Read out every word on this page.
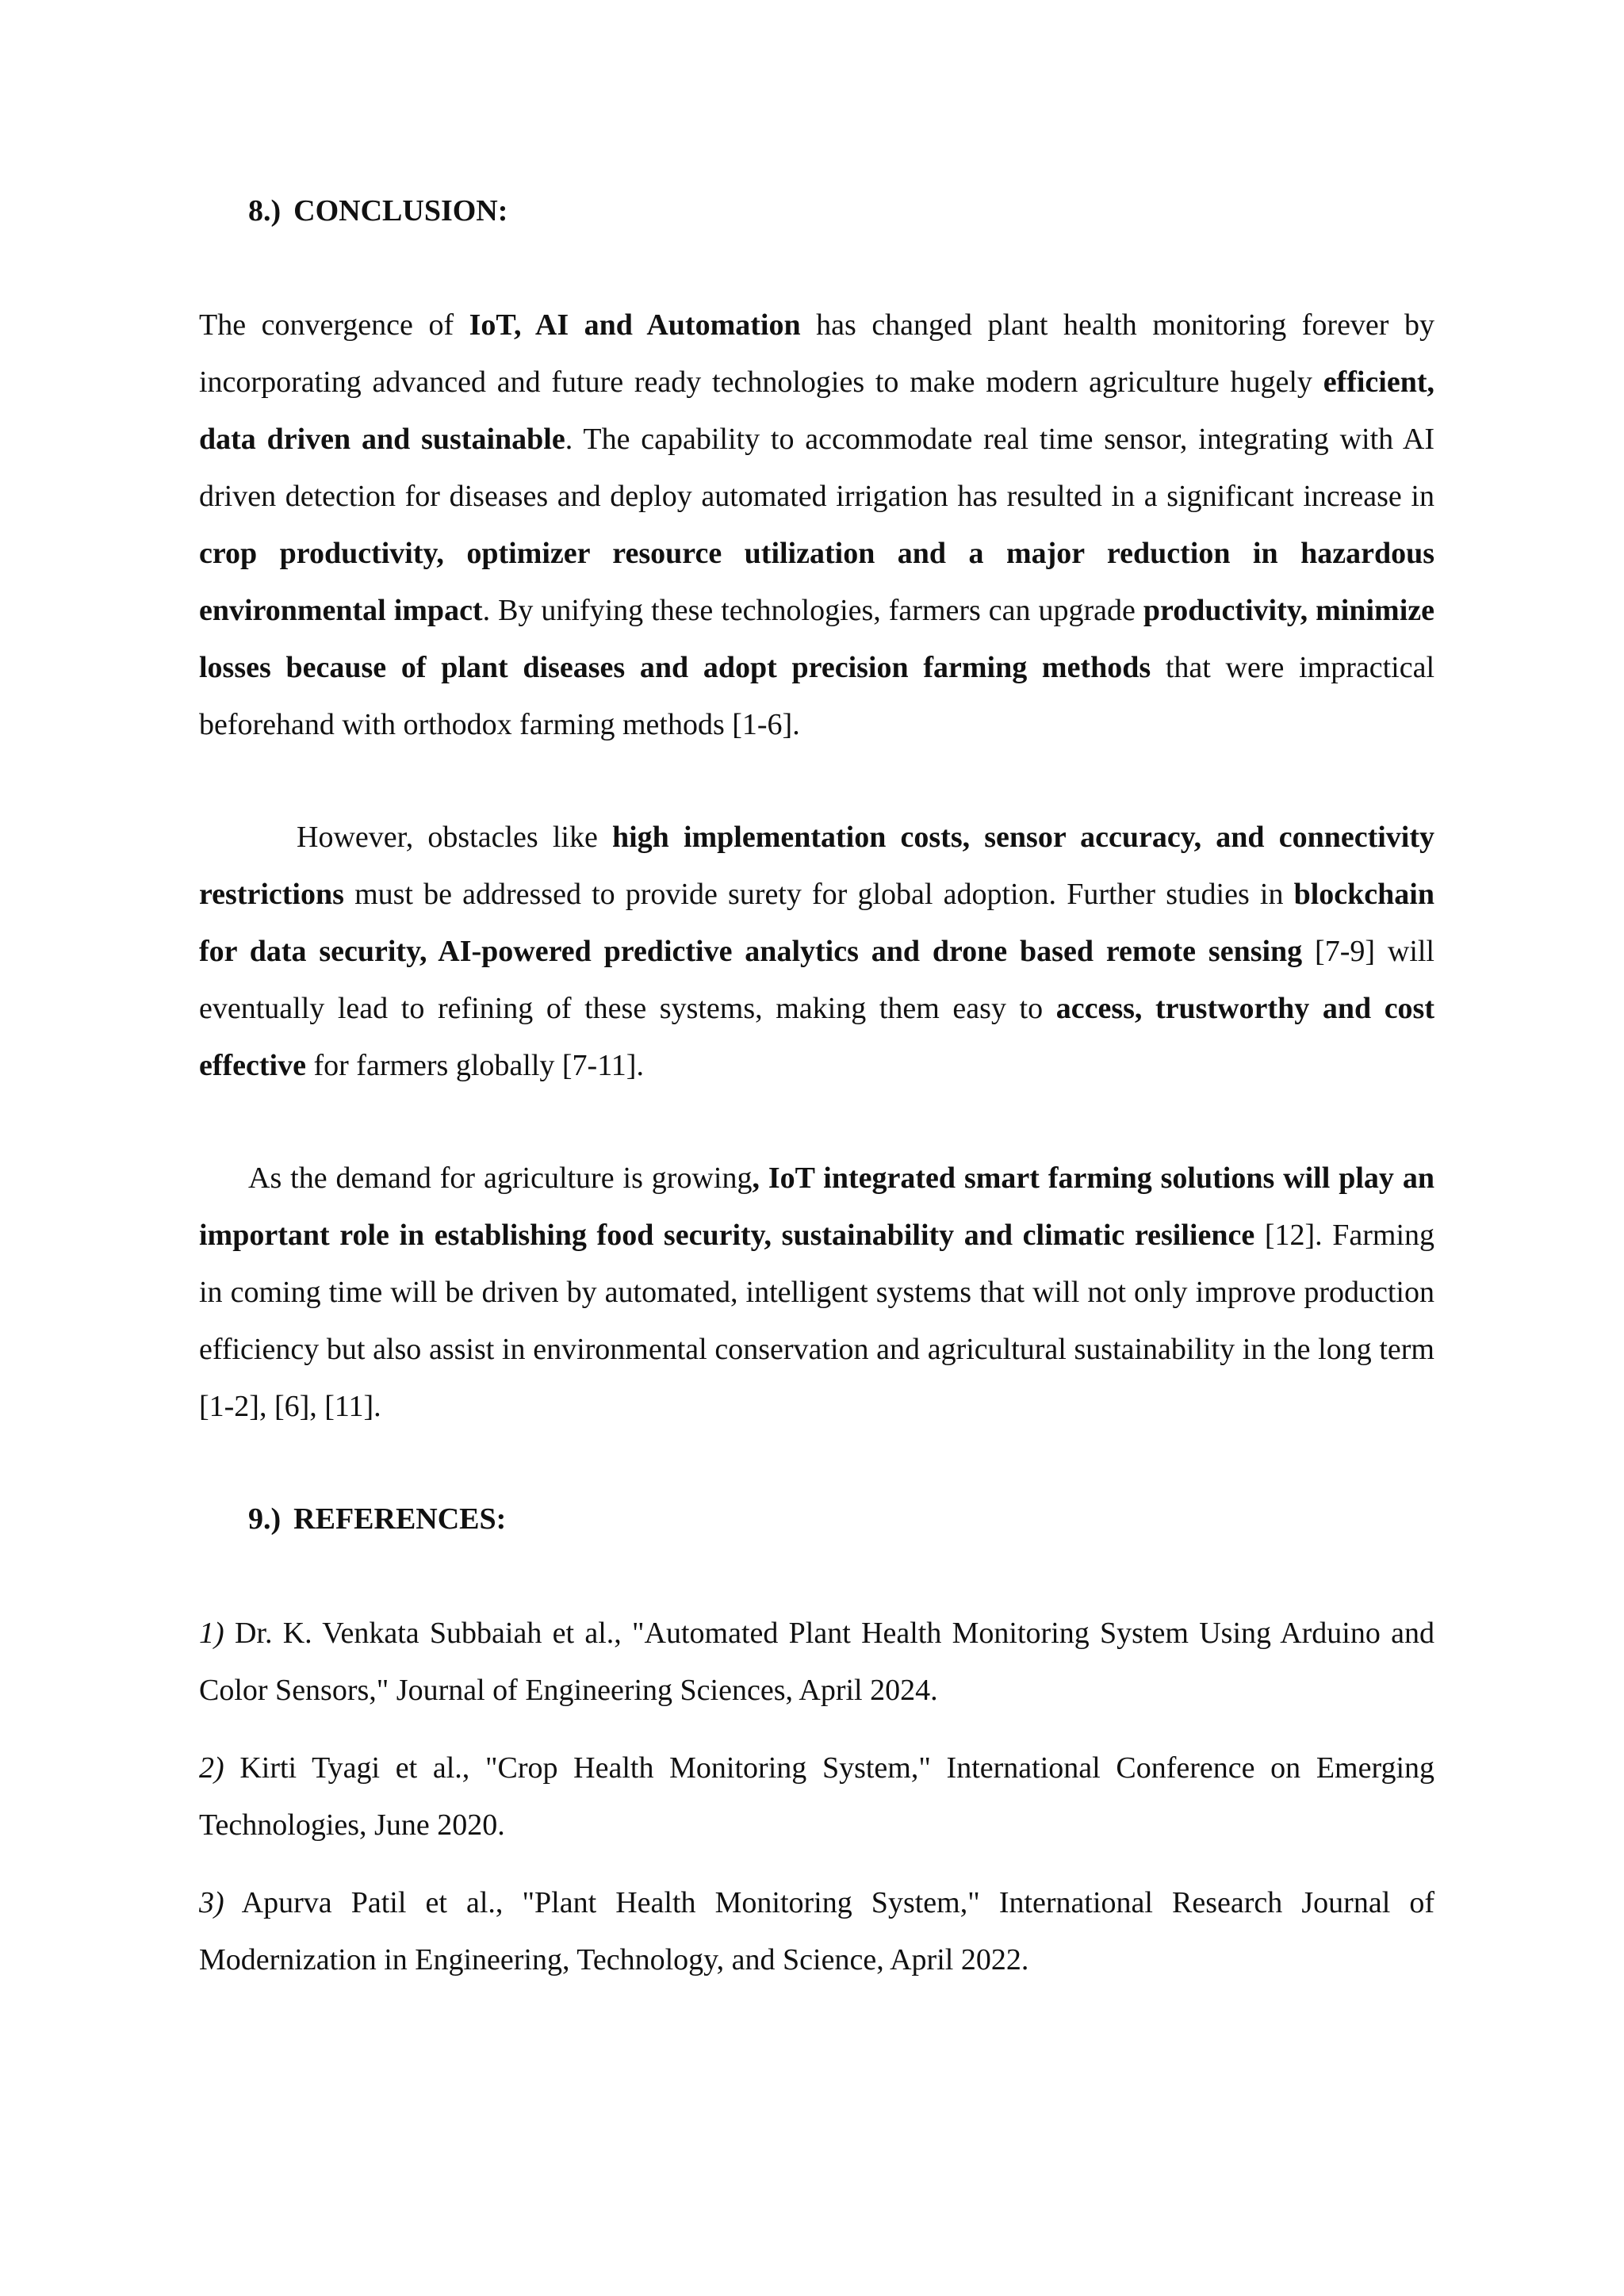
8.) CONCLUSION:

The convergence of IoT, AI and Automation has changed plant health monitoring forever by incorporating advanced and future ready technologies to make modern agriculture hugely efficient, data driven and sustainable. The capability to accommodate real time sensor, integrating with AI driven detection for diseases and deploy automated irrigation has resulted in a significant increase in crop productivity, optimizer resource utilization and a major reduction in hazardous environmental impact. By unifying these technologies, farmers can upgrade productivity, minimize losses because of plant diseases and adopt precision farming methods that were impractical beforehand with orthodox farming methods [1-6].

However, obstacles like high implementation costs, sensor accuracy, and connectivity restrictions must be addressed to provide surety for global adoption. Further studies in blockchain for data security, AI-powered predictive analytics and drone based remote sensing [7-9] will eventually lead to refining of these systems, making them easy to access, trustworthy and cost effective for farmers globally [7-11].

As the demand for agriculture is growing, IoT integrated smart farming solutions will play an important role in establishing food security, sustainability and climatic resilience [12]. Farming in coming time will be driven by automated, intelligent systems that will not only improve production efficiency but also assist in environmental conservation and agricultural sustainability in the long term [1-2], [6], [11].

9.) REFERENCES:
1) Dr. K. Venkata Subbaiah et al., "Automated Plant Health Monitoring System Using Arduino and Color Sensors," Journal of Engineering Sciences, April 2024.
2) Kirti Tyagi et al., "Crop Health Monitoring System," International Conference on Emerging Technologies, June 2020.
3) Apurva Patil et al., "Plant Health Monitoring System," International Research Journal of Modernization in Engineering, Technology, and Science, April 2022.
